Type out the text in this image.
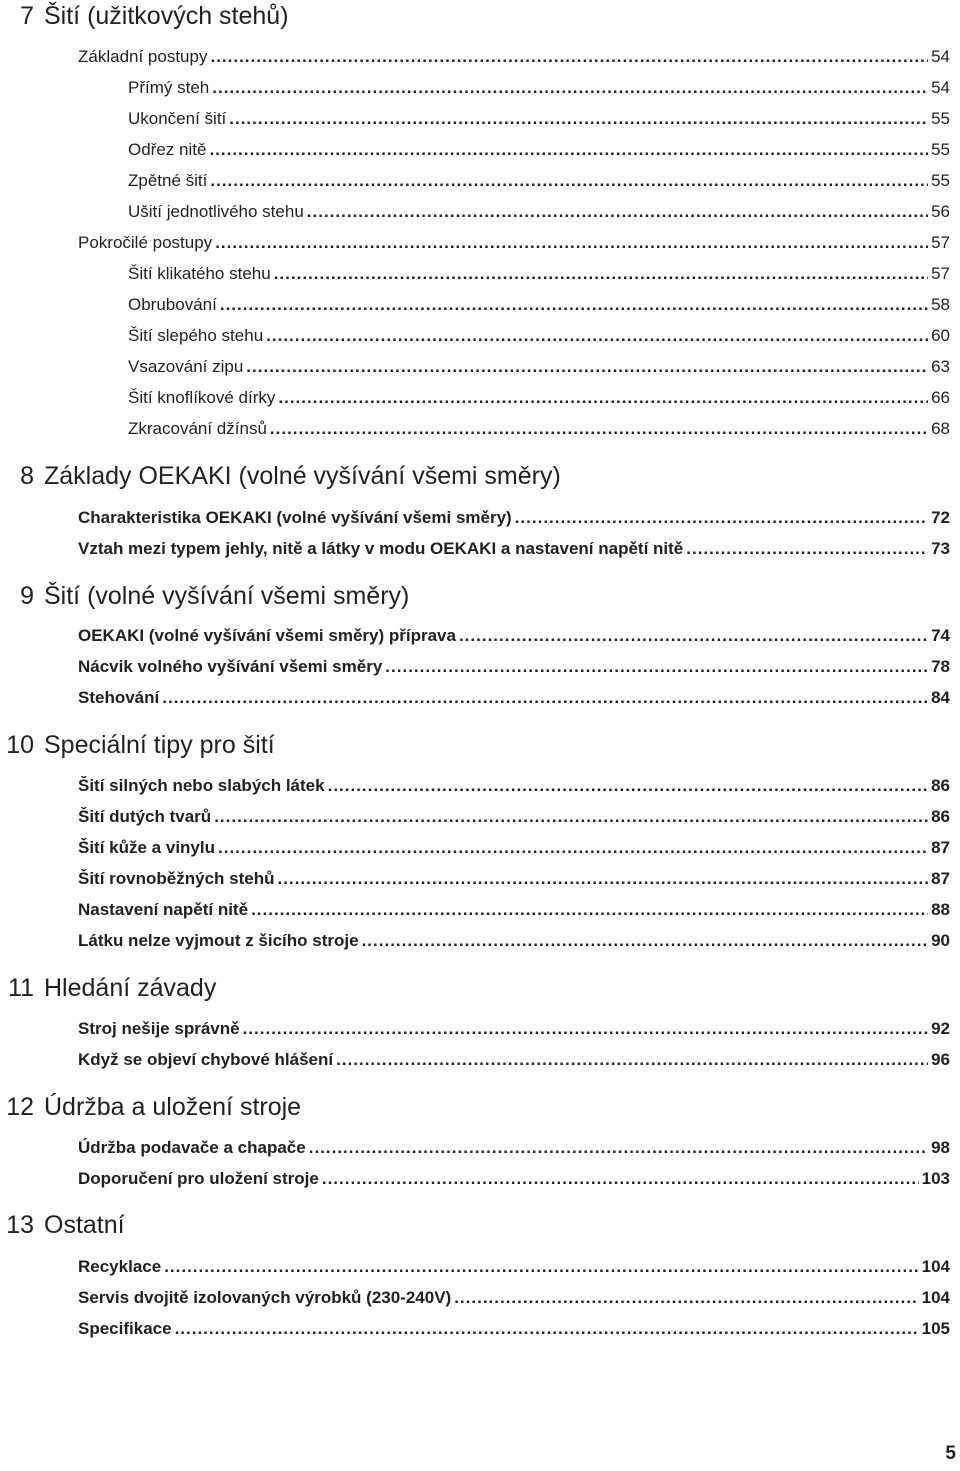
7 Šití (užitkových stehů)
Základní postupy .....	54
Přímý steh .....	54
Ukončení šití .....	55
Odřez nitě .....	55
Zpětné šití .....	55
Ušití jednotlivého stehu .....	56
Pokročilé postupy .....	57
Šití klikatého stehu .....	57
Obrubování .....	58
Šití slepého stehu .....	60
Vsazování zipu .....	63
Šití knoflíkové dírky .....	66
Zkracování džínsů .....	68
8 Základy OEKAKI (volné vyšívání všemi směry)
Charakteristika OEKAKI (volné vyšívání všemi směry) .....	72
Vztah mezi typem jehly, nitě a látky v modu OEKAKI a nastavení napětí nitě .....	73
9 Šití (volné vyšívání všemi směry)
OEKAKI (volné vyšívání všemi směry) příprava .....	74
Nácvik volného vyšívání všemi směry .....	78
Stehování .....	84
10 Speciální tipy pro šití
Šití silných nebo slabých látek .....	86
Šití dutých tvarů .....	86
Šití kůže a vinylu .....	87
Šití rovnoběžných stehů .....	87
Nastavení napětí nitě .....	88
Látku nelze vyjmout z šicího stroje .....	90
11 Hledání závady
Stroj nešije správně .....	92
Když se objeví chybové hlášení .....	96
12 Údržba a uložení stroje
Údržba podavače a chapače .....	98
Doporučení pro uložení stroje .....	103
13 Ostatní
Recyklace .....	104
Servis dvojitě izolovaných výrobků (230-240V) .....	104
Specifikace .....	105
5
